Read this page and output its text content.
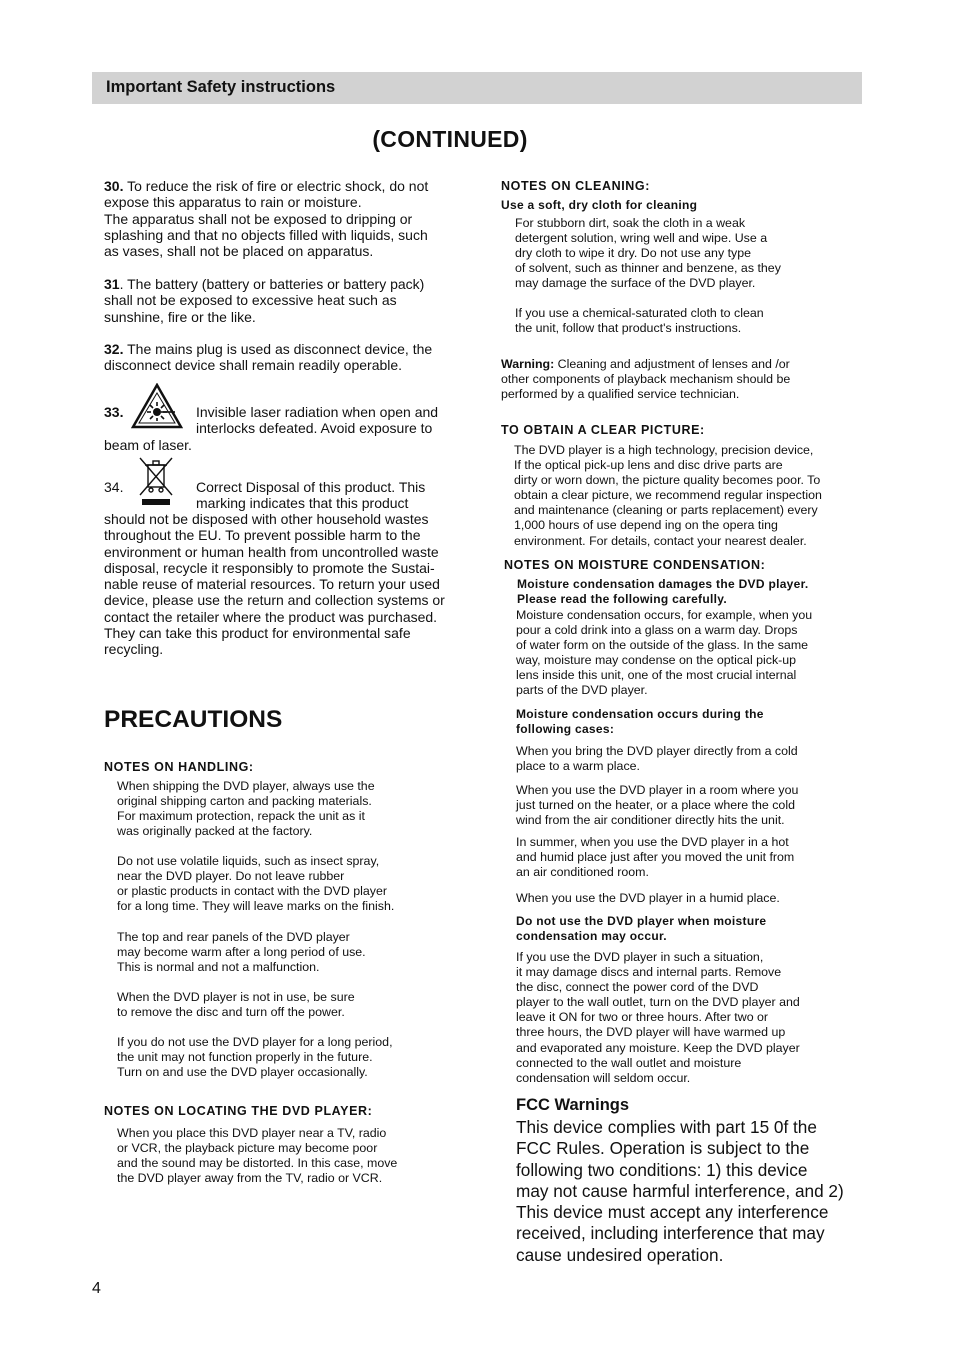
Important Safety instructions
(CONTINUED)

30. To reduce the risk of fire or electric shock, do not

expose this apparatus to rain or moisture.

The apparatus shall not be exposed to dripping or

splashing and that no objects filled with liquids, such

as vases, shall not be placed on apparatus.

31. The battery (battery or batteries or battery pack)

shall not be exposed to excessive heat such as

sunshine, fire or the like.

32. The mains plug is used as disconnect device, the

disconnect device shall remain readily operable.

33.	Invisible laser radiation when open and

interlocks defeated. Avoid exposure to

beam of laser.

34.	Correct Disposal of this product. This

marking indicates that this product

should not be disposed with other household wastes

throughout the EU. To prevent possible harm to the

environment or human health from uncontrolled waste

disposal, recycle it responsibly to promote the Sustai-

nable reuse of material resources. To return your used

device, please use the return and collection systems or

contact the retailer where the product was purchased.

They can take this product for environmental safe

recycling.

PRECAUTIONS

NOTES ON HANDLING:

When shipping the DVD player, always use the

original shipping carton and packing materials.

For maximum protection, repack the unit as it

was originally packed at the factory.

Do not use volatile liquids, such as insect spray,

near the DVD player. Do not leave rubber

or plastic products in contact with the DVD player

for a long time. They will leave marks on the finish.

The top and rear panels of the DVD player

may become warm after a long period of use.

This is normal and not a malfunction.

When the DVD player is not in use, be sure

to remove the disc and turn off the power.

If you do not use the DVD player for a long period,

the unit may not function properly in the future.

Turn on and use the DVD player occasionally.

NOTES ON LOCATING THE DVD PLAYER:

When you place this DVD player near a TV, radio

or VCR, the playback picture may become poor

and the sound may be distorted. In this case, move

the DVD player away from the TV, radio or VCR.

4

NOTES ON CLEANING:

Use a soft, dry cloth for cleaning

For stubborn dirt, soak the cloth in a weak

detergent solution, wring well and wipe. Use a

dry cloth to wipe it dry. Do not use any type

of solvent, such as thinner and benzene, as they

may damage the surface of the DVD player.

If you use a chemical-saturated cloth to clean

the unit, follow that product's instructions.

Warning: Cleaning and adjustment of lenses and /or

other components of playback mechanism should be

performed by a qualified service technician.

TO OBTAIN A CLEAR PICTURE:

The DVD player is a high technology, precision device,

If the optical pick-up lens and disc drive parts are

dirty or worn down, the picture quality becomes poor. To

obtain a clear picture, we recommend regular inspection

and maintenance (cleaning or parts replacement) every

1,000 hours of use depend ing on the opera ting

environment. For details, contact your nearest dealer.

NOTES ON MOISTURE CONDENSATION:

Moisture condensation damages the DVD player.

Please read the following carefully.

Moisture condensation occurs, for example, when you

pour a cold drink into a glass on a warm day. Drops

of water form on the outside of the glass. In the same

way, moisture may condense on the optical pick-up

lens inside this unit, one of the most crucial internal

parts of the DVD player.

Moisture condensation occurs during the

following cases:

When you bring the DVD player directly from a cold

place to a warm place.

When you use the DVD player in a room where you

just turned on the heater, or a place where the cold

wind from the air conditioner directly hits the unit.

In summer, when you use the DVD player in a hot

and humid place just after you moved the unit from

an air conditioned room.

When you use the DVD player in a humid place.

Do not use the DVD player when moisture

condensation may occur.

If you use the DVD player in such a situation,

it may damage discs and internal parts. Remove

the disc, connect the power cord of the DVD

player to the wall outlet, turn on the DVD player and

leave it ON for two or three hours. After two or

three hours, the DVD player will have warmed up

and evaporated any moisture. Keep the DVD player

connected to the wall outlet and moisture

condensation will seldom occur.

FCC Warnings
This device complies with part 15 0f the
FCC Rules. Operation is subject to the
following two conditions: 1) this device
may not cause harmful interference, and 2)
This device must accept any interference
received, including interference that may
cause undesired operation.
